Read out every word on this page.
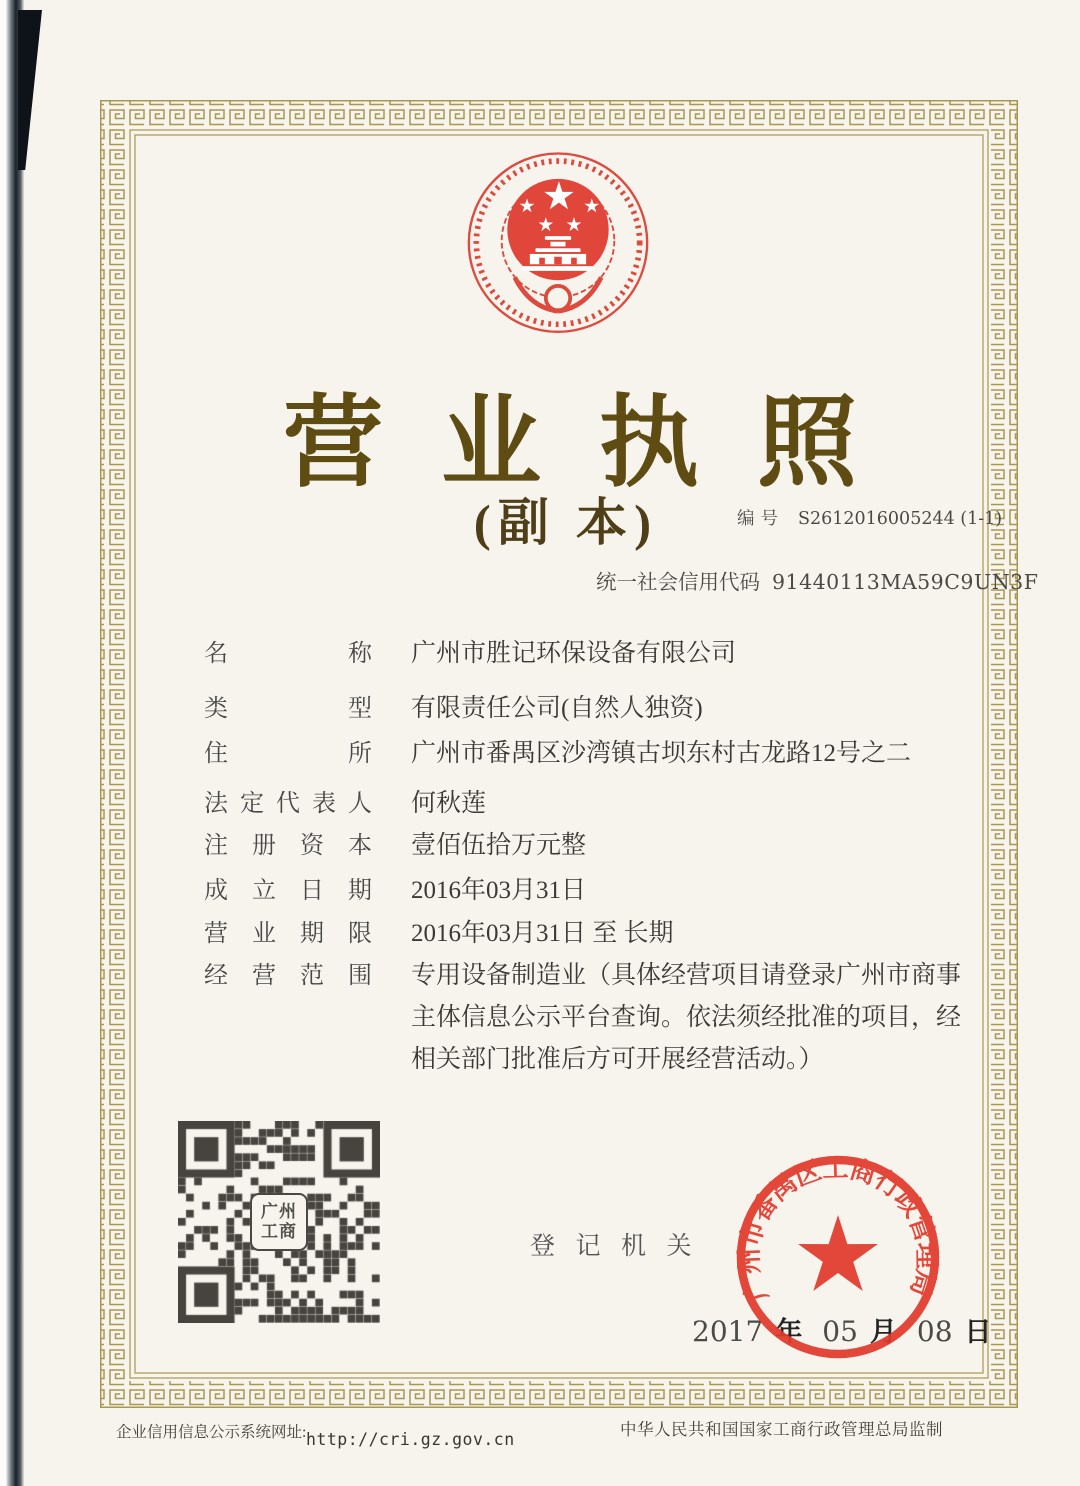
营业执照
(副 本)	编号 S2612016005244 (1-1)
统一社会信用代码 91440113MA59C9UN3F
名	称 广州市胜记环保设备有限公司
类	型 有限责任公司(自然人独资)
住	所 广州市番禺区沙湾镇古坝东村古龙路12号之二
法 定 代 表 人 何秋莲
注 册 资 本 壹佰伍拾万元整
成 立 日 期 2016年03月31日
营 业 期 限 2016年03月31日 至 长期
经 营 范 围 专用设备制造业（具体经营项目请登录广州市商事主体信息公示平台查询。依法须经批准的项目，经相关部门批准后方可开展经营活动。）
广州
工商
登记机关
2017 年 05 月 08 日
广州市番禺区工商行政管理局
企业信用信息公示系统网址: http://cri.gz.gov.cn
中华人民共和国国家工商行政管理总局监制
